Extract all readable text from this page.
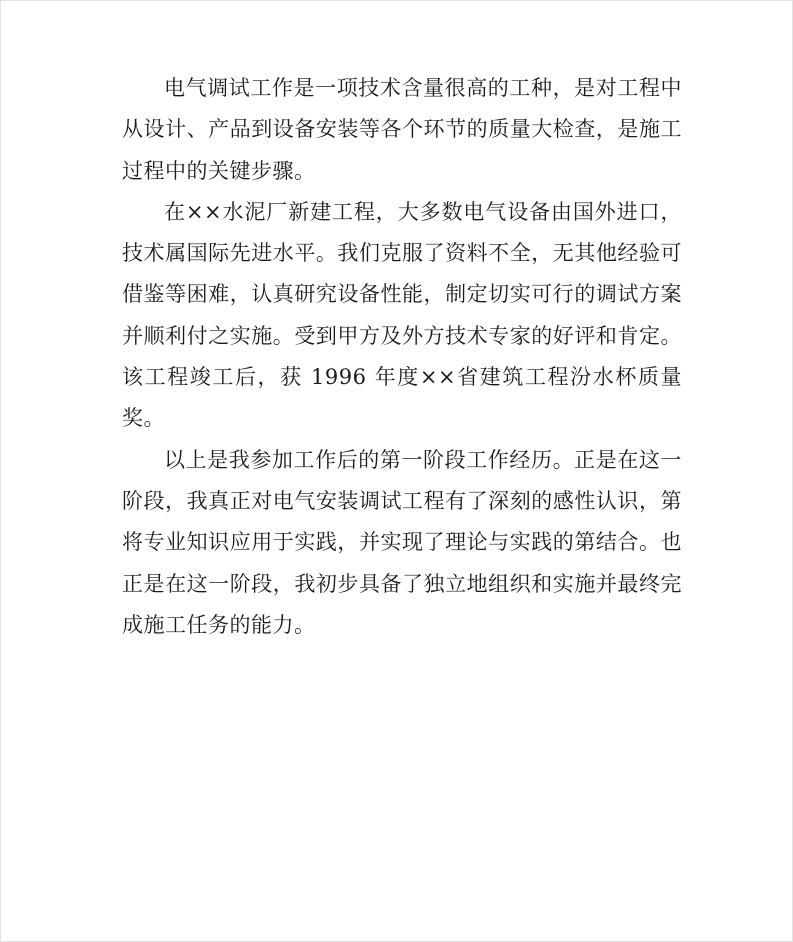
电气调试工作是一项技术含量很高的工种，是对工程中从设计、产品到设备安装等各个环节的质量大检查，是施工过程中的关键步骤。

在××水泥厂新建工程，大多数电气设备由国外进口，技术属国际先进水平。我们克服了资料不全，无其他经验可借鉴等困难，认真研究设备性能，制定切实可行的调试方案并顺利付之实施。受到甲方及外方技术专家的好评和肯定。该工程竣工后，获 1996 年度××省建筑工程汾水杯质量奖。

以上是我参加工作后的第一阶段工作经历。正是在这一阶段，我真正对电气安装调试工程有了深刻的感性认识，第将专业知识应用于实践，并实现了理论与实践的第结合。也正是在这一阶段，我初步具备了独立地组织和实施并最终完成施工任务的能力。
